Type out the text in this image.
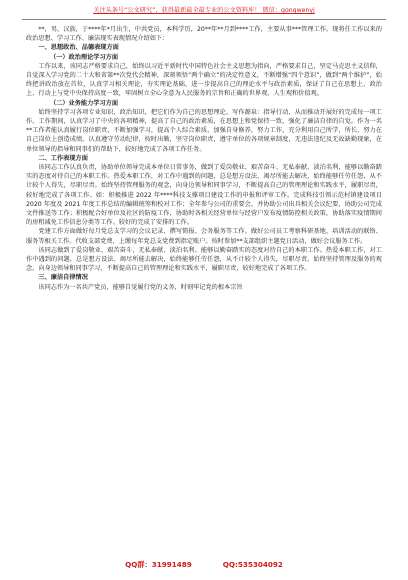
关注头条号“公文研究”，获得最新最全最专业的公文资料库！ 微信：gongwenyj

**，男，汉族，于****年*月出生，中共党员，本科学历，20**年**月到****工作，主要从事***管理工作。现将任工作以来的政治思想、学习工作、廉洁现实表现情况介绍如下：

一、思想政治、品德表现方面

（一）政治理论学习方面

工作以来，该同志严格要求自己，始终以习近平新时代中国特色社会主义思想为指向，严格要求自己，坚定马克思主义信仰，自觉深入学习党的二十大和省第**次党代会精神，深刻领悟“两个确立”的决定性意义，不断增强“四个意识”，做到“两个维护”，始终把讲政治放在首位，认真学习相关理论，夯实理论基础，进一步提高自己的理论水平与政治素质，保证了自己在思想上、政治上、行动上与党中央保持高度一致，牢固树立全心全意为人民服务的宗旨和正确的世界观、人生观和价值观。

（二）业务能力学习方面

始终坚持学习各项专业知识、政治知识，把它们作为自己的思想理论、写作源泉：指导行动、从而推动开展好的完成每一项工作。工作期间，认真学习了中央的各项精神，提高了自己的政治素质，在思想上和党保持一致，强化了廉洁自律的自觉。作为一名**工作者能认真履行岗位职责，不断加强学习，提高个人综合素质，加强自身修养，努力工作，充分利用自己所学，所长，努力在自己岗位上创造成绩。认真遵守劳动纪律，按时出勤，坚守岗位职责，遵守单位的各项规章制度，无违法违纪及无故缺勤现象，在单位领导的指导和同事们的帮助下，较好地完成了各项工作任务。

二、工作表现方面

该同志工作认真负责，协助单位领导完成本单位日常事务，做到了爱岗敬业、艰苦奋斗、无私奉献、淡泊名利，能够以勤奋踏实的态度对待自己的本职工作。热爱本职工作，对工作中遇到的问题，总是想方设法、竭尽所能去解决，始终能够任劳任怨，从不计较个人得失，尽职尽责。始终坚持管理服务的观念，向身边领导和同事学习，不断提高自己的管理理论和实践水平，履职尽责，较好地完成了各项工作。如：积极推进 2022 年****科技支撑项目建设工作的申报和评审工作。完成科技引领示范村镇建设项目 2020 年度及 2021 年度工作总结的编辑统筹和校对工作；全年参与公司的重要会，并协助公司出具相关会议纪要、协助公司完成文件推送等工作；积极配合好单位及社区的防疫工作，协助时各相关经营单位与经营户发布疫情防控相关政策，协助落实疫情期间的房租减免工作信息分类等工作。较好的完成了安排的工作。

党建工作方面做好每月党总支学习的会议记录、撰写简报、会务服务等工作。做好公司员工考察科研基地、培训活动的联络、服务等相关工作。代收支部党费，上缴每年党总支党费到指定账户。按时参加**支部组织主题党日活动，做好会议服务工作。

该同志做到了爱岗敬业、艰苦奋斗、无私奉献、淡泊名利。能够以勤奋踏实的态度对待自己的本职工作。热爱本职工作，对工作中遇到的问题，总是想方设法、竭尽所能去解决，始终能够任劳任怨，从不计较个人得失，尽职尽责。始终坚持管理及服务的观念，向身边领导和同事学习，不断提高自己的管理理论和实践水平，履职尽责，较好地完成了各项工作。

三、廉洁自律情况

该同志作为一名共产党员，能够自觉履行党的义务，时刻牢记党的根本宗旨

QQ群：31991489	QQ:535304092
